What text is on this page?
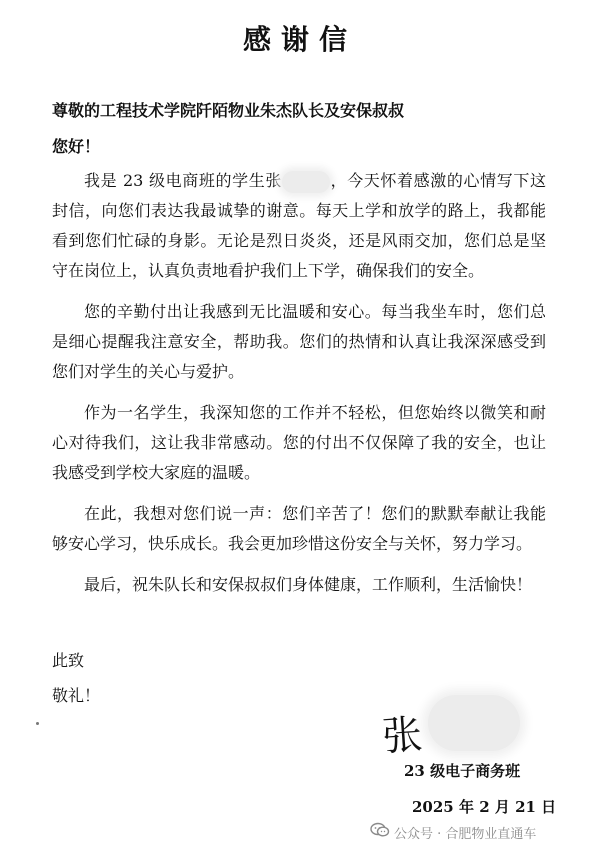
感谢信
尊敬的工程技术学院阡陌物业朱杰队长及安保叔叔
您好！

我是 23 级电商班的学生张	，今天怀着感激的心情写下这封信，向您们表达我最诚挚的谢意。每天上学和放学的路上，我都能看到您们忙碌的身影。无论是烈日炎炎，还是风雨交加，您们总是坚守在岗位上，认真负责地看护我们上下学，确保我们的安全。

您的辛勤付出让我感到无比温暖和安心。每当我坐车时，您们总是细心提醒我注意安全，帮助我。您们的热情和认真让我深深感受到您们对学生的关心与爱护。

作为一名学生，我深知您的工作并不轻松，但您始终以微笑和耐心对待我们，这让我非常感动。您的付出不仅保障了我的安全，也让我感受到学校大家庭的温暖。

在此，我想对您们说一声：您们辛苦了！您们的默默奉献让我能够安心学习，快乐成长。我会更加珍惜这份安全与关怀，努力学习。

最后，祝朱队长和安保叔叔们身体健康，工作顺利，生活愉快！

此致
敬礼！
张
23 级电子商务班
2025 年 2 月 21 日
公众号 · 合肥物业直通车
